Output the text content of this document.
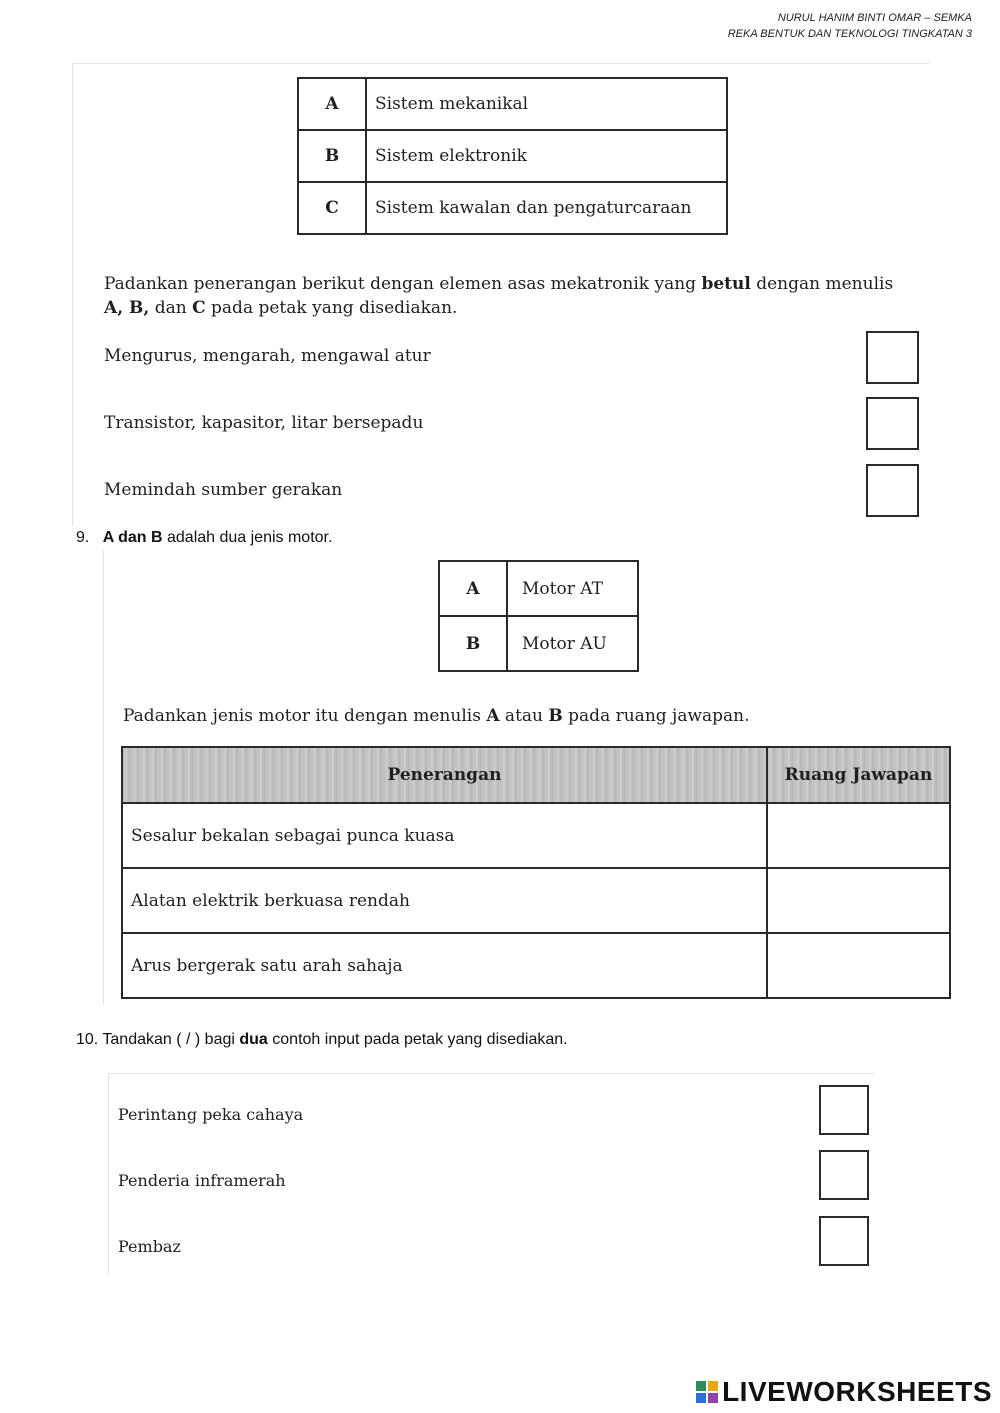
NURUL HANIM BINTI OMAR – SEMKA
REKA BENTUK DAN TEKNOLOGI TINGKATAN 3
A	Sistem mekanikal
B	Sistem elektronik
C	Sistem kawalan dan pengaturcaraan
Padankan penerangan berikut dengan elemen asas mekatronik yang betul dengan menulis
A, B, dan C pada petak yang disediakan.
Mengurus, mengarah, mengawal atur
Transistor, kapasitor, litar bersepadu
Memindah sumber gerakan
9. A dan B adalah dua jenis motor.
A	Motor AT
B	Motor AU
Padankan jenis motor itu dengan menulis A atau B pada ruang jawapan.
Penerangan	Ruang Jawapan
Sesalur bekalan sebagai punca kuasa	
Alatan elektrik berkuasa rendah	
Arus bergerak satu arah sahaja	
10. Tandakan ( / ) bagi dua contoh input pada petak yang disediakan.
Perintang peka cahaya
Penderia inframerah
Pembaz
LIVEWORKSHEETS
